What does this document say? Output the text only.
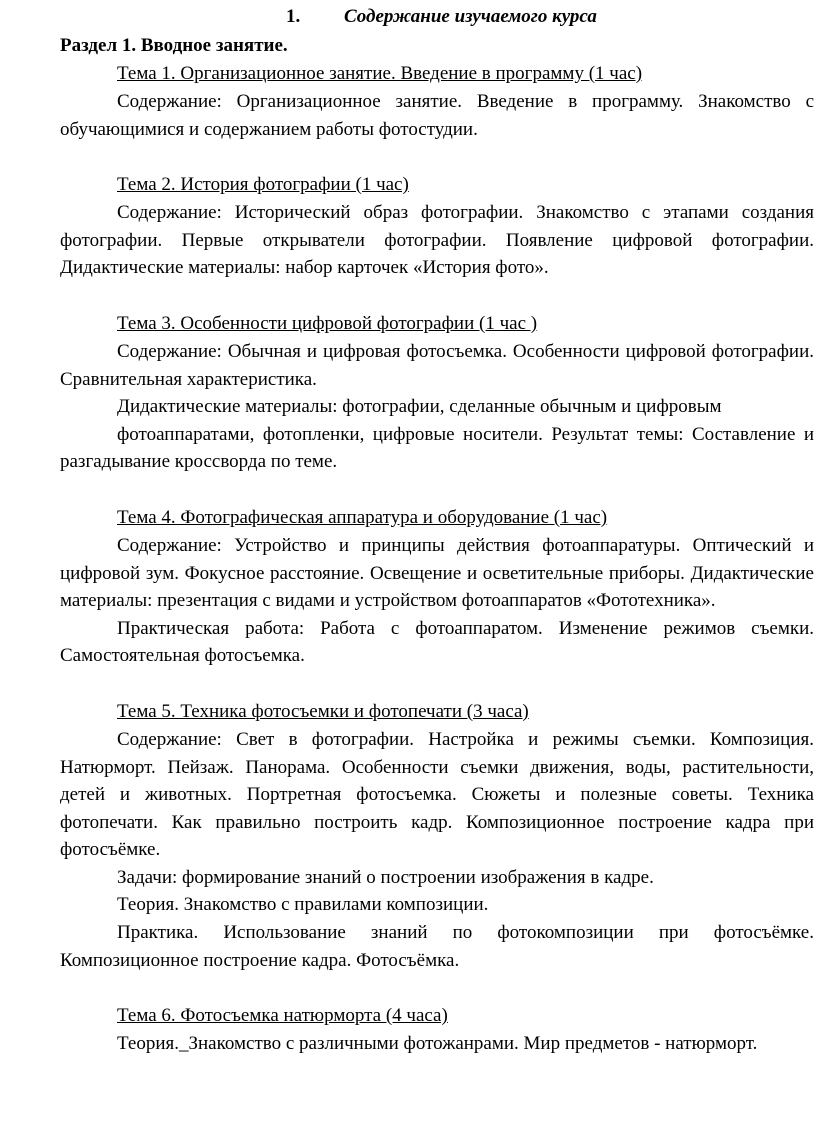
1. Содержание изучаемого курса
Раздел 1. Вводное занятие.
Тема 1. Организационное занятие. Введение в программу (1 час)
Содержание: Организационное занятие. Введение в программу. Знакомство с обучающимися и содержанием работы фотостудии.
Тема 2. История фотографии (1 час)
Содержание: Исторический образ фотографии. Знакомство с этапами создания фотографии. Первые открыватели фотографии. Появление цифровой фотографии. Дидактические материалы: набор карточек «История фото».
Тема 3. Особенности цифровой фотографии (1 час )
Содержание: Обычная и цифровая фотосъемка. Особенности цифровой фотографии. Сравнительная характеристика.
Дидактические материалы: фотографии, сделанные обычным и цифровым
фотоаппаратами, фотопленки, цифровые носители. Результат темы: Составление и разгадывание кроссворда по теме.
Тема 4. Фотографическая аппаратура и оборудование (1 час)
Содержание: Устройство и принципы действия фотоаппаратуры. Оптический и цифровой зум. Фокусное расстояние. Освещение и осветительные приборы. Дидактические материалы: презентация с видами и устройством фотоаппаратов «Фототехника».
Практическая работа: Работа с фотоаппаратом. Изменение режимов съемки. Самостоятельная фотосъемка.
Тема 5. Техника фотосъемки и фотопечати (3 часа)
Содержание: Свет в фотографии. Настройка и режимы съемки. Композиция. Натюрморт. Пейзаж. Панорама. Особенности съемки движения, воды, растительности, детей и животных. Портретная фотосъемка. Сюжеты и полезные советы. Техника фотопечати. Как правильно построить кадр. Композиционное построение кадра при фотосъёмке.
Задачи: формирование знаний о построении изображения в кадре.
Теория. Знакомство с правилами композиции.
Практика. Использование знаний по фотокомпозиции при фотосъёмке. Композиционное построение кадра. Фотосъёмка.
Тема 6. Фотосъемка натюрморта (4 часа)
Теория._Знакомство с различными фотожанрами. Мир предметов - натюрморт.
